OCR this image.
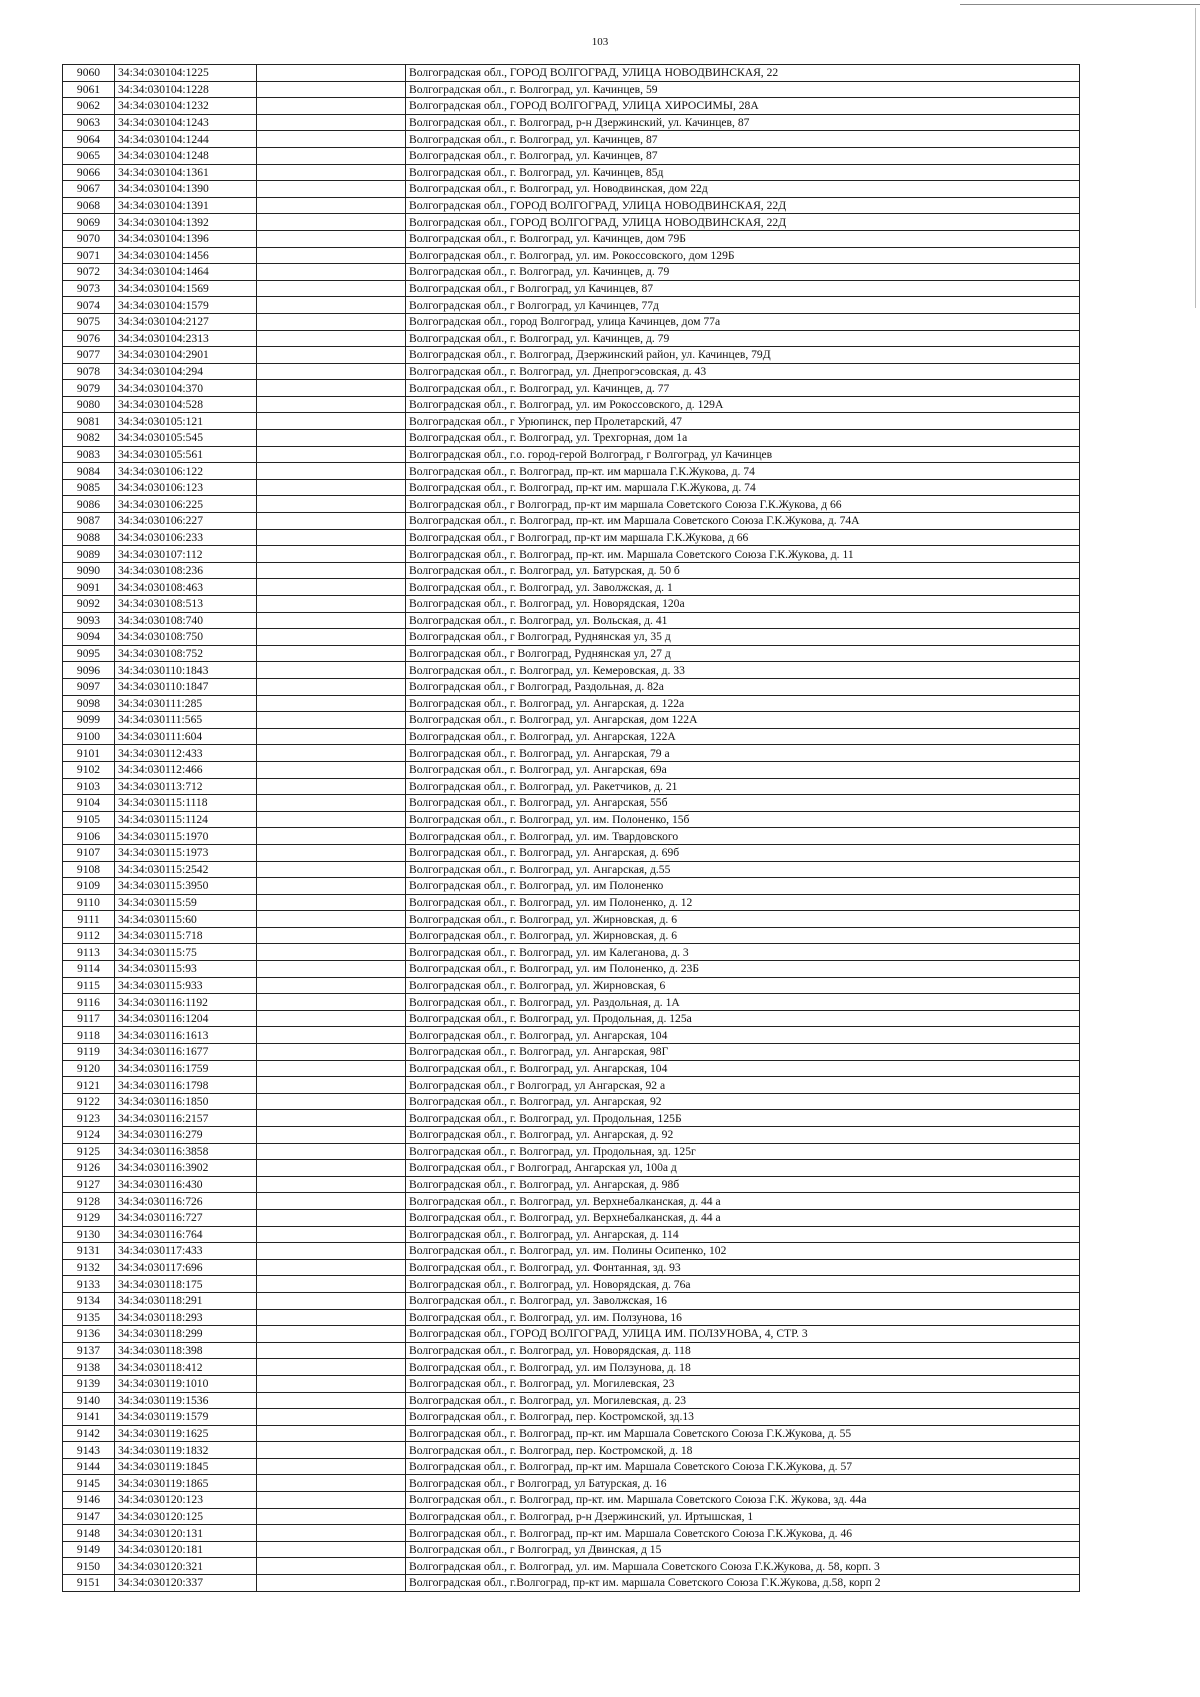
103
9060	34:34:030104:1225		Волгоградская обл., ГОРОД ВОЛГОГРАД, УЛИЦА НОВОДВИНСКАЯ, 22
9061	34:34:030104:1228		Волгоградская обл., г. Волгоград, ул. Качинцев, 59
9062	34:34:030104:1232		Волгоградская обл., ГОРОД ВОЛГОГРАД, УЛИЦА ХИРОСИМЫ, 28А
9063	34:34:030104:1243		Волгоградская обл., г. Волгоград, р-н Дзержинский, ул. Качинцев, 87
9064	34:34:030104:1244		Волгоградская обл., г. Волгоград, ул. Качинцев, 87
9065	34:34:030104:1248		Волгоградская обл., г. Волгоград, ул. Качинцев, 87
9066	34:34:030104:1361		Волгоградская обл., г. Волгоград, ул. Качинцев, 85д
9067	34:34:030104:1390		Волгоградская обл., г. Волгоград, ул. Новодвинская, дом 22д
9068	34:34:030104:1391		Волгоградская обл., ГОРОД ВОЛГОГРАД, УЛИЦА НОВОДВИНСКАЯ, 22Д
9069	34:34:030104:1392		Волгоградская обл., ГОРОД ВОЛГОГРАД, УЛИЦА НОВОДВИНСКАЯ, 22Д
9070	34:34:030104:1396		Волгоградская обл., г. Волгоград, ул. Качинцев, дом 79Б
9071	34:34:030104:1456		Волгоградская обл., г. Волгоград, ул. им. Рокоссовского, дом 129Б
9072	34:34:030104:1464		Волгоградская обл., г. Волгоград, ул. Качинцев, д. 79
9073	34:34:030104:1569		Волгоградская обл., г Волгоград, ул Качинцев, 87
9074	34:34:030104:1579		Волгоградская обл., г Волгоград, ул Качинцев, 77д
9075	34:34:030104:2127		Волгоградская обл., город Волгоград, улица Качинцев, дом 77а
9076	34:34:030104:2313		Волгоградская обл., г. Волгоград, ул. Качинцев, д. 79
9077	34:34:030104:2901		Волгоградская обл., г. Волгоград, Дзержинский район, ул. Качинцев, 79Д
9078	34:34:030104:294		Волгоградская обл., г. Волгоград, ул. Днепрогэсовская, д. 43
9079	34:34:030104:370		Волгоградская обл., г. Волгоград, ул. Качинцев, д. 77
9080	34:34:030104:528		Волгоградская обл., г. Волгоград, ул. им Рокоссовского, д. 129А
9081	34:34:030105:121		Волгоградская обл., г Урюпинск, пер Пролетарский, 47
9082	34:34:030105:545		Волгоградская обл., г. Волгоград, ул. Трехгорная, дом 1а
9083	34:34:030105:561		Волгоградская обл., г.о. город-герой Волгоград, г Волгоград, ул Качинцев
9084	34:34:030106:122		Волгоградская обл., г. Волгоград, пр-кт. им маршала Г.К.Жукова, д. 74
9085	34:34:030106:123		Волгоградская обл., г. Волгоград, пр-кт им. маршала Г.К.Жукова, д. 74
9086	34:34:030106:225		Волгоградская обл., г Волгоград, пр-кт им маршала Советского Союза Г.К.Жукова, д 66
9087	34:34:030106:227		Волгоградская обл., г. Волгоград, пр-кт. им Маршала Советского Союза Г.К.Жукова, д. 74А
9088	34:34:030106:233		Волгоградская обл., г Волгоград, пр-кт им маршала Г.К.Жукова, д 66
9089	34:34:030107:112		Волгоградская обл., г. Волгоград, пр-кт. им. Маршала Советского Союза Г.К.Жукова, д. 11
9090	34:34:030108:236		Волгоградская обл., г. Волгоград, ул. Батурская, д. 50 б
9091	34:34:030108:463		Волгоградская обл., г. Волгоград, ул. Заволжская, д. 1
9092	34:34:030108:513		Волгоградская обл., г. Волгоград, ул. Новорядская, 120а
9093	34:34:030108:740		Волгоградская обл., г. Волгоград, ул. Вольская, д. 41
9094	34:34:030108:750		Волгоградская обл., г Волгоград, Руднянская ул, 35 д
9095	34:34:030108:752		Волгоградская обл., г Волгоград, Руднянская ул, 27 д
9096	34:34:030110:1843		Волгоградская обл., г. Волгоград, ул. Кемеровская, д. 33
9097	34:34:030110:1847		Волгоградская обл., г Волгоград, Раздольная, д. 82а
9098	34:34:030111:285		Волгоградская обл., г. Волгоград, ул. Ангарская, д. 122а
9099	34:34:030111:565		Волгоградская обл., г. Волгоград, ул. Ангарская, дом 122А
9100	34:34:030111:604		Волгоградская обл., г. Волгоград, ул. Ангарская, 122А
9101	34:34:030112:433		Волгоградская обл., г. Волгоград, ул. Ангарская, 79 а
9102	34:34:030112:466		Волгоградская обл., г. Волгоград, ул. Ангарская, 69а
9103	34:34:030113:712		Волгоградская обл., г. Волгоград, ул. Ракетчиков, д. 21
9104	34:34:030115:1118		Волгоградская обл., г. Волгоград, ул. Ангарская, 55б
9105	34:34:030115:1124		Волгоградская обл., г. Волгоград, ул. им. Полоненко, 15б
9106	34:34:030115:1970		Волгоградская обл., г. Волгоград, ул. им. Твардовского
9107	34:34:030115:1973		Волгоградская обл., г. Волгоград, ул. Ангарская, д. 69б
9108	34:34:030115:2542		Волгоградская обл., г. Волгоград, ул. Ангарская, д.55
9109	34:34:030115:3950		Волгоградская обл., г. Волгоград, ул. им Полоненко
9110	34:34:030115:59		Волгоградская обл., г. Волгоград, ул. им Полоненко, д. 12
9111	34:34:030115:60		Волгоградская обл., г. Волгоград, ул. Жирновская, д. 6
9112	34:34:030115:718		Волгоградская обл., г. Волгоград, ул. Жирновская, д. 6
9113	34:34:030115:75		Волгоградская обл., г. Волгоград, ул. им Калеганова, д. 3
9114	34:34:030115:93		Волгоградская обл., г. Волгоград, ул. им Полоненко, д. 23Б
9115	34:34:030115:933		Волгоградская обл., г. Волгоград, ул. Жирновская, 6
9116	34:34:030116:1192		Волгоградская обл., г. Волгоград, ул. Раздольная, д. 1А
9117	34:34:030116:1204		Волгоградская обл., г. Волгоград, ул. Продольная, д. 125а
9118	34:34:030116:1613		Волгоградская обл., г. Волгоград, ул. Ангарская, 104
9119	34:34:030116:1677		Волгоградская обл., г. Волгоград, ул. Ангарская, 98Г
9120	34:34:030116:1759		Волгоградская обл., г. Волгоград, ул. Ангарская, 104
9121	34:34:030116:1798		Волгоградская обл., г Волгоград, ул Ангарская, 92 а
9122	34:34:030116:1850		Волгоградская обл., г. Волгоград, ул. Ангарская, 92
9123	34:34:030116:2157		Волгоградская обл., г. Волгоград, ул. Продольная, 125Б
9124	34:34:030116:279		Волгоградская обл., г. Волгоград, ул. Ангарская, д. 92
9125	34:34:030116:3858		Волгоградская обл., г. Волгоград, ул. Продольная, зд. 125г
9126	34:34:030116:3902		Волгоградская обл., г Волгоград, Ангарская ул, 100а д
9127	34:34:030116:430		Волгоградская обл., г. Волгоград, ул. Ангарская, д. 98б
9128	34:34:030116:726		Волгоградская обл., г. Волгоград, ул. Верхнебалканская, д. 44 а
9129	34:34:030116:727		Волгоградская обл., г. Волгоград, ул. Верхнебалканская, д. 44 а
9130	34:34:030116:764		Волгоградская обл., г. Волгоград, ул. Ангарская, д. 114
9131	34:34:030117:433		Волгоградская обл., г. Волгоград, ул. им. Полины Осипенко, 102
9132	34:34:030117:696		Волгоградская обл., г. Волгоград, ул. Фонтанная, зд. 93
9133	34:34:030118:175		Волгоградская обл., г. Волгоград, ул. Новорядская, д. 76а
9134	34:34:030118:291		Волгоградская обл., г. Волгоград, ул. Заволжская, 16
9135	34:34:030118:293		Волгоградская обл., г. Волгоград, ул. им. Ползунова, 16
9136	34:34:030118:299		Волгоградская обл., ГОРОД ВОЛГОГРАД, УЛИЦА ИМ. ПОЛЗУНОВА, 4, СТР. 3
9137	34:34:030118:398		Волгоградская обл., г. Волгоград, ул. Новорядская, д. 118
9138	34:34:030118:412		Волгоградская обл., г. Волгоград, ул. им Ползунова, д. 18
9139	34:34:030119:1010		Волгоградская обл., г. Волгоград, ул. Могилевская, 23
9140	34:34:030119:1536		Волгоградская обл., г. Волгоград, ул. Могилевская, д. 23
9141	34:34:030119:1579		Волгоградская обл., г. Волгоград, пер. Костромской, зд.13
9142	34:34:030119:1625		Волгоградская обл., г. Волгоград, пр-кт. им Маршала Советского Союза Г.К.Жукова, д. 55
9143	34:34:030119:1832		Волгоградская обл., г. Волгоград, пер. Костромской, д. 18
9144	34:34:030119:1845		Волгоградская обл., г. Волгоград, пр-кт им. Маршала Советского Союза Г.К.Жукова, д. 57
9145	34:34:030119:1865		Волгоградская обл., г Волгоград, ул Батурская, д. 16
9146	34:34:030120:123		Волгоградская обл., г. Волгоград, пр-кт. им. Маршала Советского Союза Г.К. Жукова, зд. 44а
9147	34:34:030120:125		Волгоградская обл., г. Волгоград, р-н Дзержинский, ул. Иртышская, 1
9148	34:34:030120:131		Волгоградская обл., г. Волгоград, пр-кт им. Маршала Советского Союза Г.К.Жукова, д. 46
9149	34:34:030120:181		Волгоградская обл., г Волгоград, ул Двинская, д 15
9150	34:34:030120:321		Волгоградская обл., г. Волгоград, ул. им. Маршала Советского Союза Г.К.Жукова, д. 58, корп. 3
9151	34:34:030120:337		Волгоградская обл., г.Волгоград, пр-кт им. маршала Советского Союза Г.К.Жукова, д.58, корп 2
